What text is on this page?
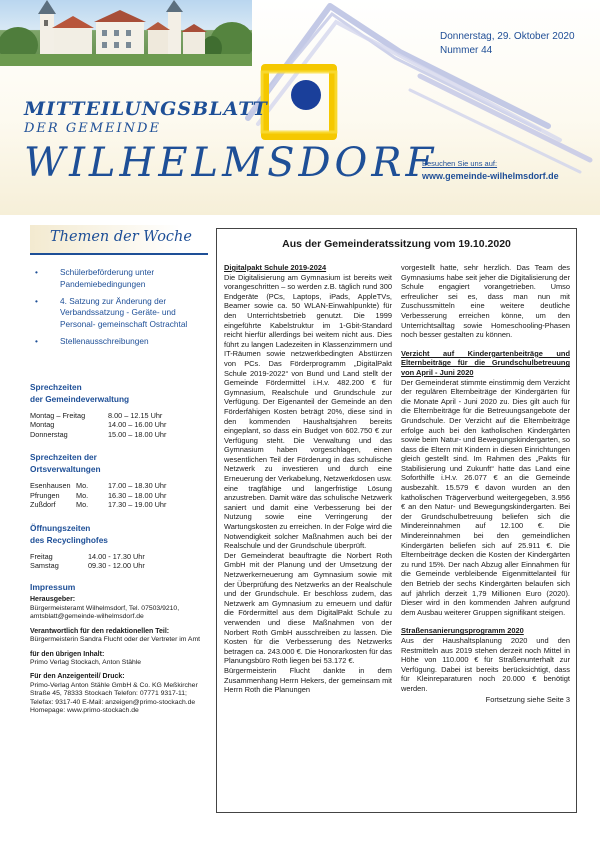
Donnerstag, 29. Oktober 2020
Nummer 44
MITTEILUNGSBLATT
DER GEMEINDE
WILHELMSDORF
Besuchen Sie uns auf:
www.gemeinde-wilhelmsdorf.de
Themen der Woche
• Schülerbeförderung unter Pandemiebedingungen
• 4. Satzung zur Änderung der Verbandssatzung - Geräte- und Personal- gemeinschaft Ostrachtal
• Stellenausschreibungen
Sprechzeiten
der Gemeindeverwaltung
Montag – Freitag	8.00 – 12.15 Uhr
Montag	14.00 – 16.00 Uhr
Donnerstag	15.00 – 18.00 Uhr
Sprechzeiten der
Ortsverwaltungen
Esenhausen	Mo.	17.00 – 18.30 Uhr
Pfrungen	Mo.	16.30 – 18.00 Uhr
Zußdorf	Mo.	17.30 – 19.00 Uhr
Öffnungszeiten
des Recyclinghofes
Freitag	14.00 - 17.30 Uhr
Samstag	09.30 - 12.00 Uhr
Impressum
Herausgeber:
Bürgermeisteramt Wilhelmsdorf, Tel. 07503/9210, amtsblatt@gemeinde-wilhelmsdorf.de
Verantwortlich für den redaktionellen Teil:
Bürgermeisterin Sandra Flucht oder der Vertreter im Amt
für den übrigen Inhalt:
Primo Verlag Stockach, Anton Stähle
Für den Anzeigenteil/ Druck:
Primo-Verlag Anton Stähle GmbH & Co. KG Meßkircher Straße 45, 78333 Stockach Telefon: 07771 9317-11; Telefax: 9317-40 E-Mail: anzeigen@primo-stockach.de Homepage: www.primo-stockach.de
Aus der Gemeinderatssitzung vom 19.10.2020

Digitalpakt Schule 2019-2024

Die Digitalisierung am Gymnasium ist bereits weit vorangeschritten – so werden z.B. täglich rund 300 Endgeräte (PCs, Laptops, iPads, AppleTVs, Beamer sowie ca. 50 WLAN-Einwahlpunkte) für den Unterrichtsbetrieb genutzt. Die 1999 eingeführte Kabelstruktur im 1-Gbit-Standard reicht hierfür allerdings bei weitem nicht aus. Dies führt zu langen Ladezeiten in Klassenzimmern und IT-Räumen sowie netzwerkbedingten Abstürzen von PCs. Das Förderprogramm „DigitalPakt Schule 2019-2022“ von Bund und Land stellt der Gemeinde Fördermittel i.H.v. 482.200 € für Gymnasium, Realschule und Grundschule zur Verfügung. Der Eigenanteil der Gemeinde an den Förderfähigen Kosten beträgt 20%, diese sind in den kommenden Haushaltsjahren bereits eingeplant, so dass ein Budget von 602.750 € zur Verfügung steht. Die Verwaltung und das Gymnasium haben vorgeschlagen, einen wesentlichen Teil der Förderung in das schulische Netzwerk zu investieren und durch eine Erneuerung der Verkabelung, Netzwerkdosen usw. eine tragfähige und langerfristige Lösung anzustreben. Damit wäre das schulische Netzwerk saniert und damit eine Verbesserung bei der Nutzung sowie eine Verringerung der Wartungskosten zu erreichen. In der Folge wird die Notwendigkeit solcher Maßnahmen auch bei der Realschule und der Grundschule überprüft.

Der Gemeinderat beauftragte die Norbert Roth GmbH mit der Planung und der Umsetzung der Netzwerkerneuerung am Gymnasium sowie mit der Überprüfung des Netzwerks an der Realschule und der Grundschule. Er beschloss zudem, das Netzwerk am Gymnasium zu erneuern und dafür die Fördermittel aus dem DigitalPakt Schule zu verwenden und diese Maßnahmen von der Norbert Roth GmbH ausschreiben zu lassen. Die Kosten für die Verbesserung des Netzwerks betragen ca. 243.000 €. Die Honorarkosten für das Planungsbüro Roth liegen bei 53.172 €.

Bürgermeisterin Flucht dankte in dem Zusammenhang Herrn Hekers, der gemeinsam mit Herrn Roth die Planungen

vorgestellt hatte, sehr herzlich. Das Team des Gymnasiums habe seit jeher die Digitalisierung der Schule engagiert vorangetrieben. Umso erfreulicher sei es, dass man nun mit Zuschussmitteln eine weitere deutliche Verbesserung erreichen könne, um den Unterrichtsalltag sowie Homeschooling-Phasen noch besser gestalten zu können.

Verzicht auf Kindergartenbeiträge und Elternbeiträge für die Grundschulbetreuung von April - Juni 2020

Der Gemeinderat stimmte einstimmig dem Verzicht der regulären Elternbeiträge der Kindergärten für die Monate April - Juni 2020 zu. Dies gilt auch für die Elternbeiträge für die Betreuungsangebote der Grundschule. Der Verzicht auf die Elternbeiträge erfolge auch bei den katholischen Kindergärten sowie beim Natur- und Bewegungskindergarten, so dass die Eltern mit Kindern in diesen Einrichtungen gleich gestellt sind. Im Rahmen des „Pakts für Stabilisierung und Zukunft“ hatte das Land eine Soforthilfe i.H.v. 26.077 € an die Gemeinde ausbezahlt. 15.579 € davon wurden an den katholischen Trägerverbund weitergegeben, 3.956 € an den Natur- und Bewegungskindergarten. Bei der Grundschulbetreuung beliefen sich die Mindereinnahmen auf 12.100 €. Die Mindereinnahmen bei den gemeindlichen Kindergärten beliefen sich auf 25.911 €. Die Elternbeiträge decken die Kosten der Kindergärten zu rund 15%. Der nach Abzug aller Einnahmen für die Gemeinde verbleibende Eigenmittelanteil für den Betrieb der sechs Kindergärten belaufen sich auf jährlich derzeit 1,79 Millionen Euro (2020). Dieser wird in den kommenden Jahren aufgrund dem Ausbau weiterer Gruppen signifikant steigen.

Straßensanierungsprogramm 2020

Aus der Haushaltsplanung 2020 und den Restmitteln aus 2019 stehen derzeit noch Mittel in Höhe von 110.000 € für Straßenunterhalt zur Verfügung. Dabei ist bereits berücksichtigt, dass für Kleinreparaturen noch 20.000 € benötigt werden.

Fortsetzung siehe Seite 3
